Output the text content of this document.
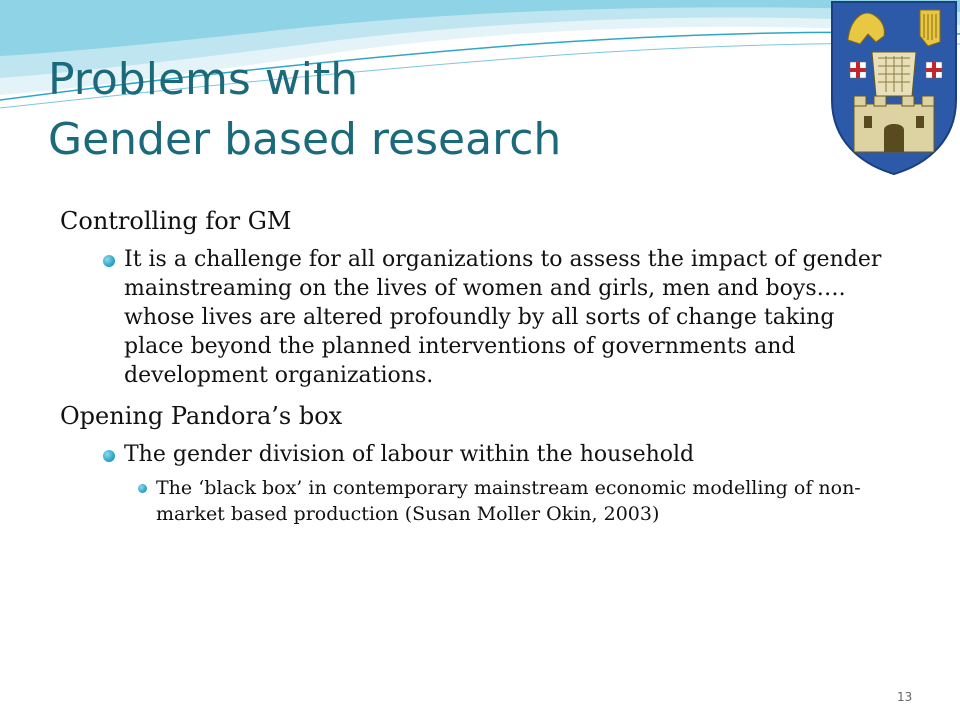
Problems with
Gender based research

Controlling for GM

It is a challenge for all organizations to assess the impact of gender mainstreaming on the lives of women and girls, men and boys…. whose lives are altered profoundly by all sorts of change taking place beyond the planned interventions of governments and development organizations.

Opening Pandora’s box

The gender division of labour within the household
The ‘black box’ in contemporary mainstream economic modelling of non-market based production (Susan Moller Okin, 2003)
13
